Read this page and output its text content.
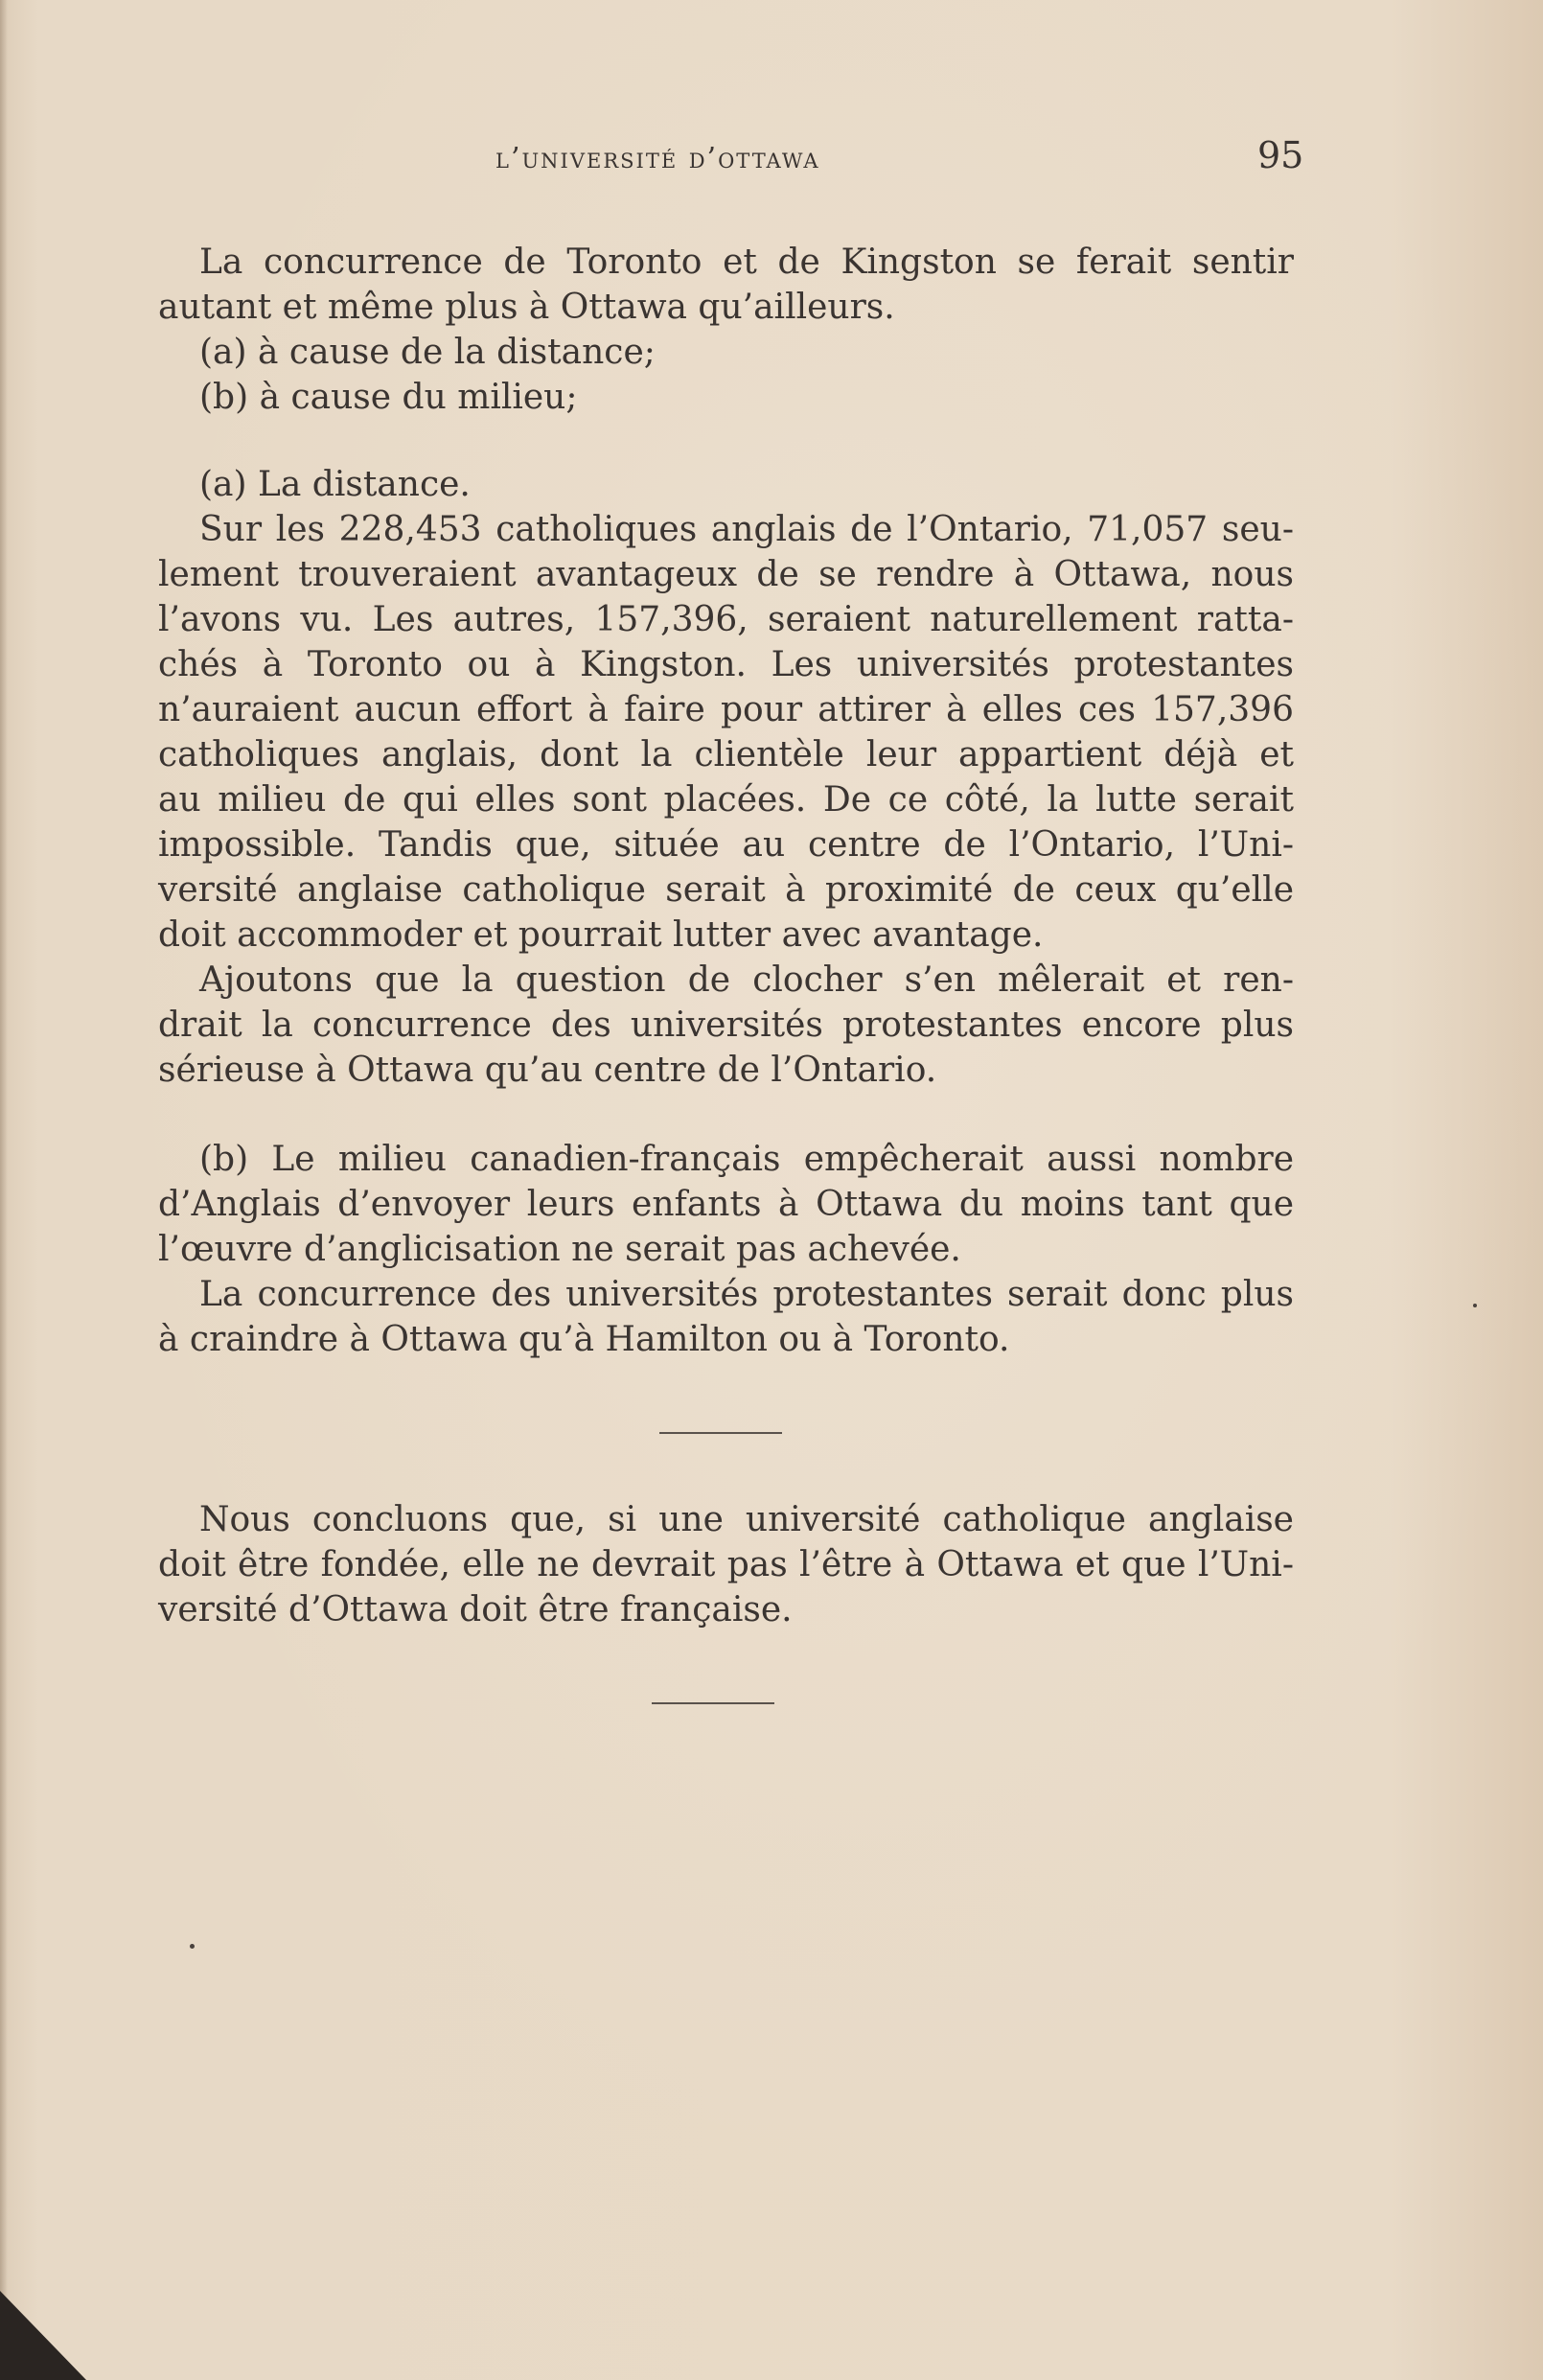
l’université d’ottawa	95
La concurrence de Toronto et de Kingston se ferait sentir
autant et même plus à Ottawa qu’ailleurs.
(a) à cause de la distance;
(b) à cause du milieu;
(a) La distance.
Sur les 228,453 catholiques anglais de l’Ontario, 71,057 seu-
lement trouveraient avantageux de se rendre à Ottawa, nous
l’avons vu. Les autres, 157,396, seraient naturellement ratta-
chés à Toronto ou à Kingston. Les universités protestantes
n’auraient aucun effort à faire pour attirer à elles ces 157,396
catholiques anglais, dont la clientèle leur appartient déjà et
au milieu de qui elles sont placées. De ce côté, la lutte serait
impossible. Tandis que, située au centre de l’Ontario, l’Uni-
versité anglaise catholique serait à proximité de ceux qu’elle
doit accommoder et pourrait lutter avec avantage.
Ajoutons que la question de clocher s’en mêlerait et ren-
drait la concurrence des universités protestantes encore plus
sérieuse à Ottawa qu’au centre de l’Ontario.
(b) Le milieu canadien-français empêcherait aussi nombre
d’Anglais d’envoyer leurs enfants à Ottawa du moins tant que
l’œuvre d’anglicisation ne serait pas achevée.
La concurrence des universités protestantes serait donc plus
à craindre à Ottawa qu’à Hamilton ou à Toronto.
Nous concluons que, si une université catholique anglaise
doit être fondée, elle ne devrait pas l’être à Ottawa et que l’Uni-
versité d’Ottawa doit être française.
